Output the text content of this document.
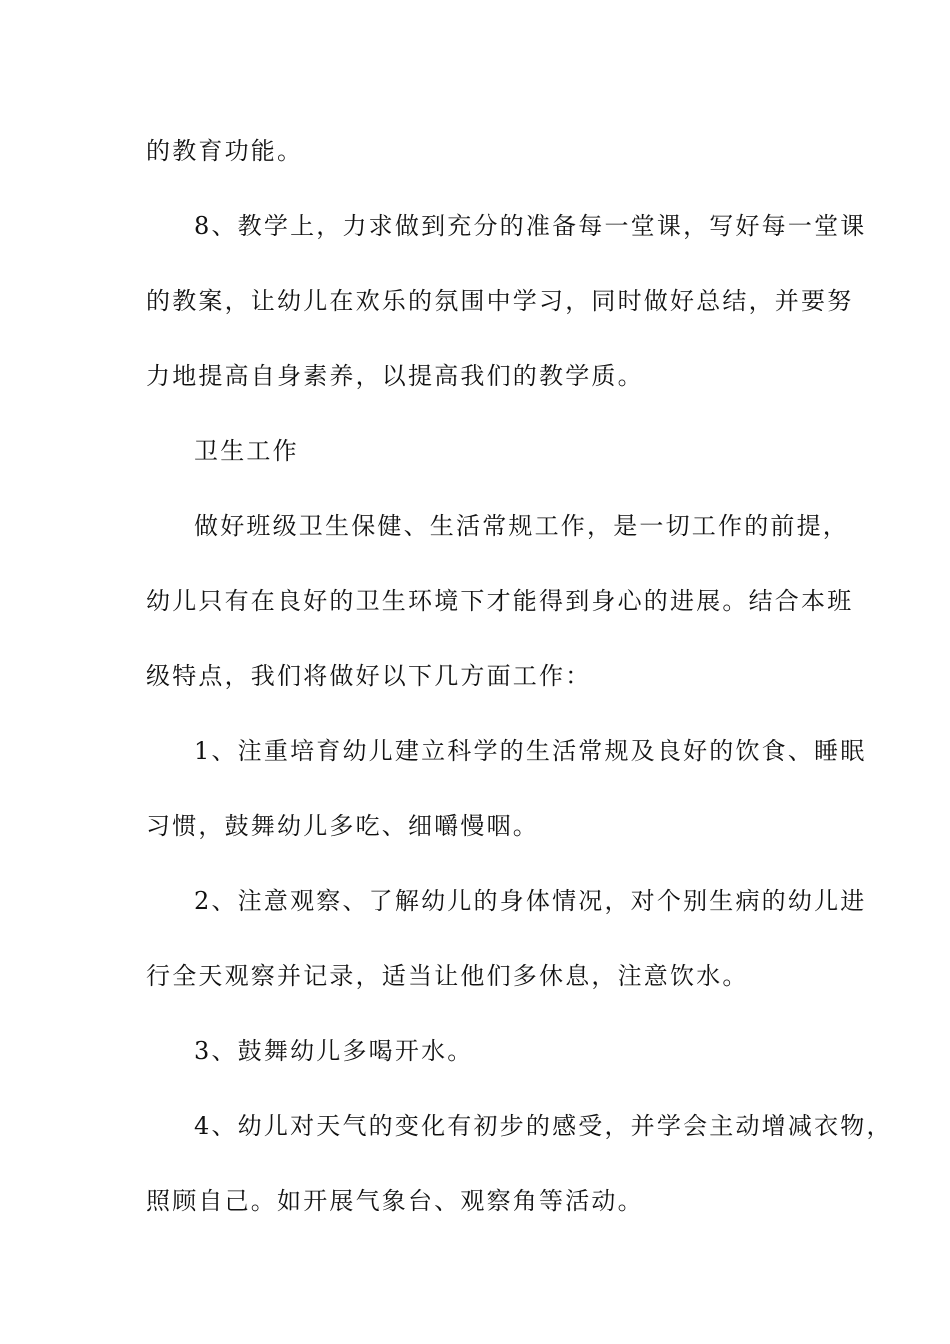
的教育功能。
8、教学上，力求做到充分的准备每一堂课，写好每一堂课
的教案，让幼儿在欢乐的氛围中学习，同时做好总结，并要努
力地提高自身素养，以提高我们的教学质。
卫生工作
做好班级卫生保健、生活常规工作，是一切工作的前提，
幼儿只有在良好的卫生环境下才能得到身心的进展。结合本班
级特点，我们将做好以下几方面工作：
1、注重培育幼儿建立科学的生活常规及良好的饮食、睡眠
习惯，鼓舞幼儿多吃、细嚼慢咽。
2、注意观察、了解幼儿的身体情况，对个别生病的幼儿进
行全天观察并记录，适当让他们多休息，注意饮水。
3、鼓舞幼儿多喝开水。
4、幼儿对天气的变化有初步的感受，并学会主动增减衣物，
照顾自己。如开展气象台、观察角等活动。
